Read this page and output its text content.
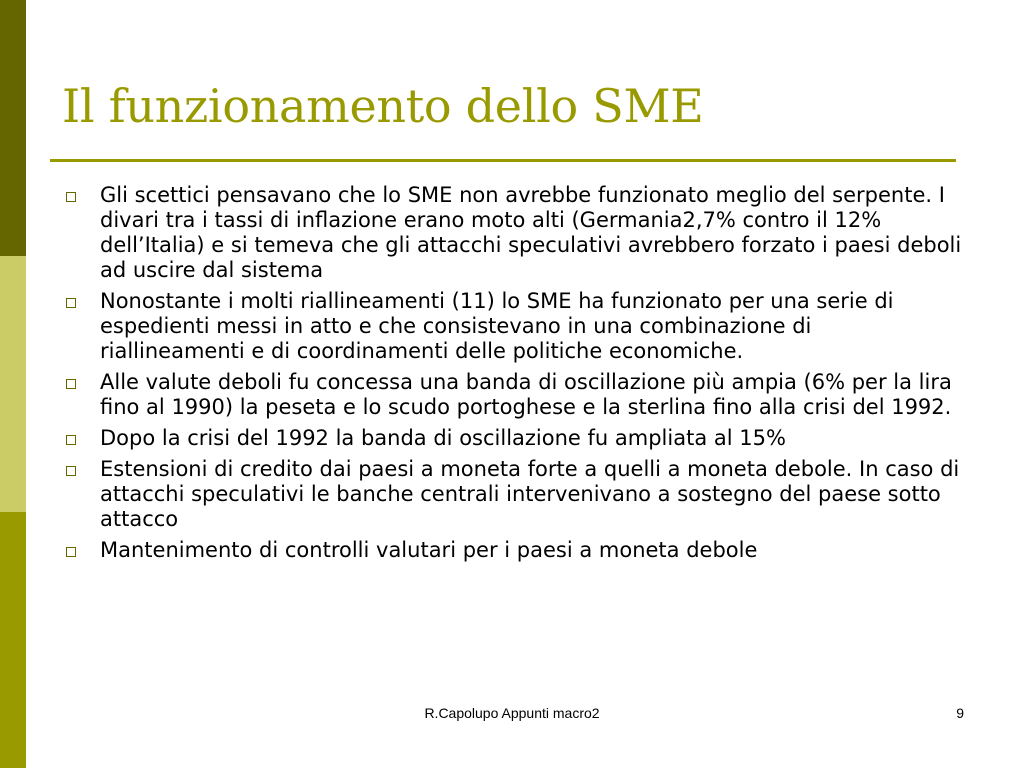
Il funzionamento dello SME
Gli scettici pensavano che lo SME non avrebbe funzionato meglio del serpente. I divari tra i tassi di inflazione erano moto alti (Germania2,7% contro il 12% dell’Italia) e si temeva che gli attacchi speculativi avrebbero forzato i paesi deboli ad uscire dal sistema
Nonostante i molti riallineamenti (11) lo SME ha funzionato per una serie di espedienti messi in atto e che consistevano in una combinazione di riallineamenti e di coordinamenti delle politiche economiche.
Alle valute deboli fu concessa una banda di oscillazione più ampia (6% per la lira fino al 1990) la peseta e lo scudo portoghese e la sterlina fino alla crisi del 1992.
Dopo la crisi del 1992 la banda di oscillazione fu ampliata al 15%
Estensioni di credito dai paesi a moneta forte a quelli a moneta debole. In caso di attacchi speculativi le banche centrali intervenivano a sostegno del paese sotto attacco
Mantenimento di controlli valutari per i paesi a moneta debole
R.Capolupo Appunti macro2	9
